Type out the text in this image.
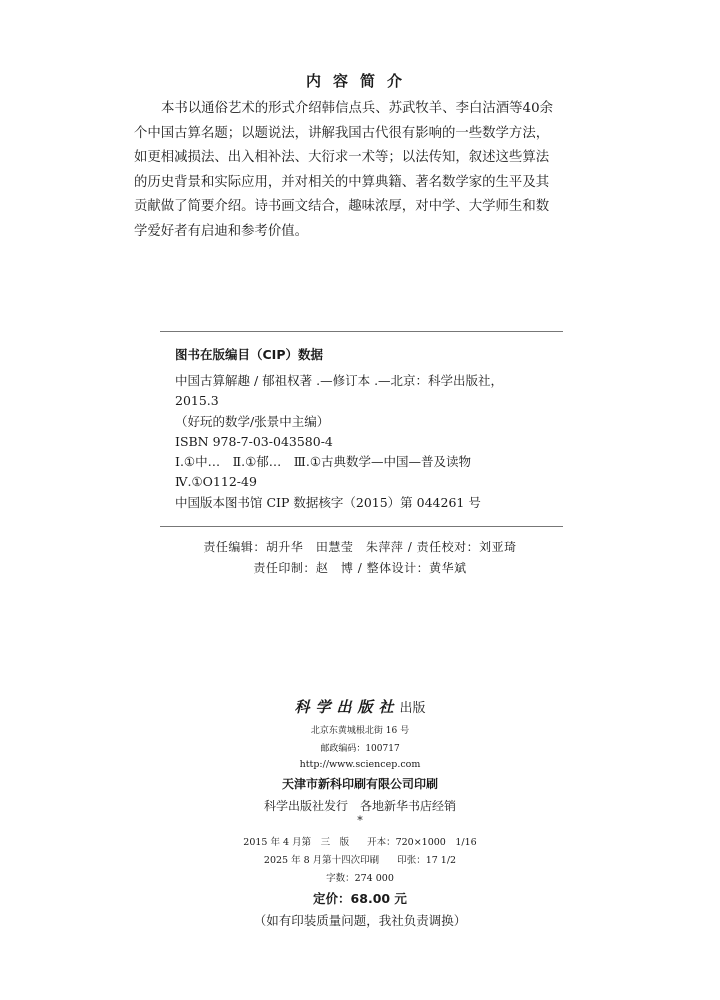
内容简介
本书以通俗艺术的形式介绍韩信点兵、苏武牧羊、李白沽酒等40余
个中国古算名题；以题说法，讲解我国古代很有影响的一些数学方法，
如更相减损法、出入相补法、大衍求一术等；以法传知，叙述这些算法
的历史背景和实际应用，并对相关的中算典籍、著名数学家的生平及其
贡献做了简要介绍。诗书画文结合，趣味浓厚，对中学、大学师生和数
学爱好者有启迪和参考价值。
图书在版编目（CIP）数据
中国古算解趣 / 郁祖权著 .—修订本 .—北京：科学出版社，
2015.3
（好玩的数学/张景中主编）
ISBN 978-7-03-043580-4
Ⅰ.①中…　Ⅱ.①郁…　Ⅲ.①古典数学—中国—普及读物
Ⅳ.①O112-49
中国版本图书馆 CIP 数据核字（2015）第 044261 号
责任编辑：胡升华　田慧莹　朱萍萍 / 责任校对：刘亚琦
责任印制：赵　博 / 整体设计：黄华斌
科学出版社出版
北京东黄城根北街 16 号
邮政编码：100717
http://www.sciencep.com
天津市新科印刷有限公司印刷
科学出版社发行　各地新华书店经销
*
2015 年 4 月第　三　版 开本：720×1000　1/16
2025 年 8 月第十四次印刷 印张：17 1/2
字数：274 000
定价：68.00 元
（如有印装质量问题，我社负责调换）
